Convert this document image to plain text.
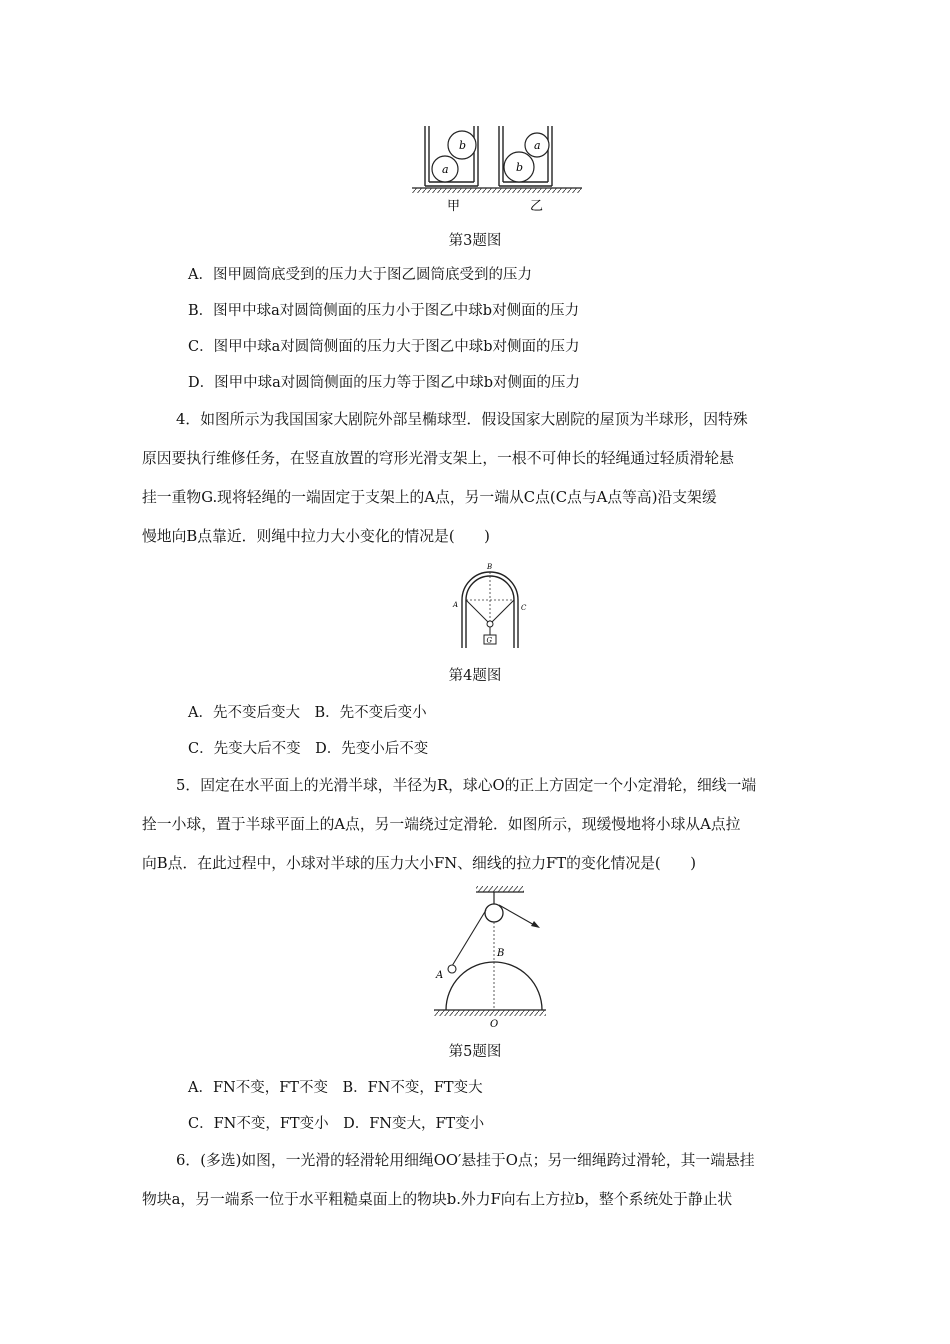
a
b
b
a
甲	乙
第3题图
A．图甲圆筒底受到的压力大于图乙圆筒底受到的压力
B．图甲中球a对圆筒侧面的压力小于图乙中球b对侧面的压力
C．图甲中球a对圆筒侧面的压力大于图乙中球b对侧面的压力
D．图甲中球a对圆筒侧面的压力等于图乙中球b对侧面的压力
4．如图所示为我国国家大剧院外部呈椭球型．假设国家大剧院的屋顶为半球形，因特殊
原因要执行维修任务，在竖直放置的穹形光滑支架上，一根不可伸长的轻绳通过轻质滑轮悬
挂一重物G.现将轻绳的一端固定于支架上的A点，另一端从C点(C点与A点等高)沿支架缓
慢地向B点靠近．则绳中拉力大小变化的情况是(　　)
G
B
A	C
第4题图
A．先不变后变大　B．先不变后变小
C．先变大后不变　D．先变小后不变
5．固定在水平面上的光滑半球，半径为R，球心O的正上方固定一个小定滑轮，细线一端
拴一小球，置于半球平面上的A点，另一端绕过定滑轮．如图所示，现缓慢地将小球从A点拉
向B点．在此过程中，小球对半球的压力大小FN、细线的拉力FT的变化情况是(　　)
A
B
O
第5题图
A．FN不变，FT不变　B．FN不变，FT变大
C．FN不变，FT变小　D．FN变大，FT变小
6．(多选)如图，一光滑的轻滑轮用细绳OO′悬挂于O点；另一细绳跨过滑轮，其一端悬挂
物块a，另一端系一位于水平粗糙桌面上的物块b.外力F向右上方拉b，整个系统处于静止状
